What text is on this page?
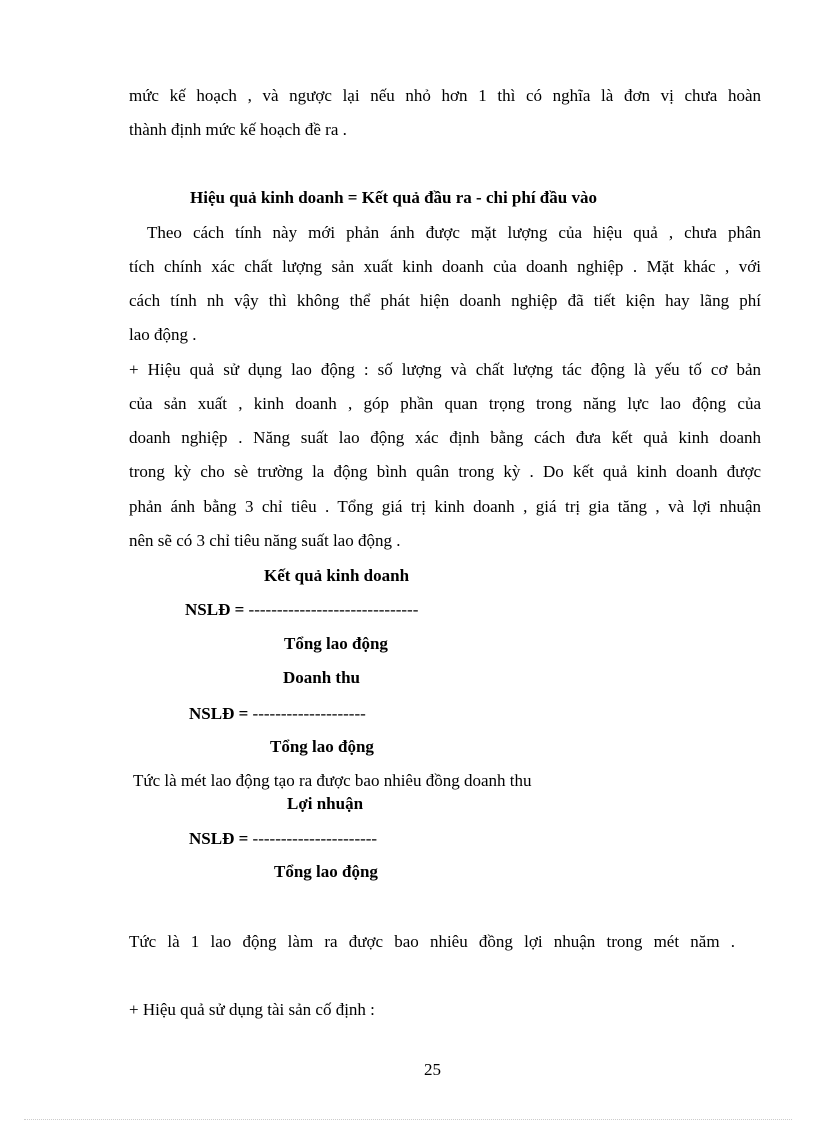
mức kế hoạch , và ngược lại nếu nhỏ hơn 1 thì có nghĩa là đơn vị chưa hoàn
thành định mức kế hoạch đề ra .
Hiệu quả kinh doanh = Kết quả đầu ra - chi phí đầu vào
Theo cách tính này mới phản ánh được mặt lượng của hiệu quả , chưa phân
tích chính xác chất lượng sản xuất kinh doanh của doanh nghiệp . Mặt khác , với
cách tính nh vậy thì không thể phát hiện doanh nghiệp đã tiết kiện hay lãng phí
lao động .
+ Hiệu quả sử dụng lao động : số lượng và chất lượng tác động là yếu tố cơ bản
của sản xuất , kinh doanh , góp phần quan trọng trong năng lực lao động của
doanh nghiệp . Năng suất lao động xác định bằng cách đưa kết quả kinh doanh
trong kỳ cho sè trường la động bình quân trong kỳ . Do kết quả kinh doanh được
phản ánh bằng 3 chỉ tiêu . Tổng giá trị kinh doanh , giá trị gia tăng , và lợi nhuận
nên sẽ có 3 chỉ tiêu năng suất lao động .
Kết quả kinh doanh
NSLĐ = ------------------------------
Tổng lao động
Doanh thu
NSLĐ = --------------------
Tổng lao động
Tức là mét lao động tạo ra được bao nhiêu đồng doanh thu
Lợi nhuận
NSLĐ = ----------------------
Tổng lao động
Tức là 1 lao động làm ra được bao nhiêu đồng lợi nhuận trong mét năm .
+ Hiệu quả sử dụng tài sản cố định :
25
